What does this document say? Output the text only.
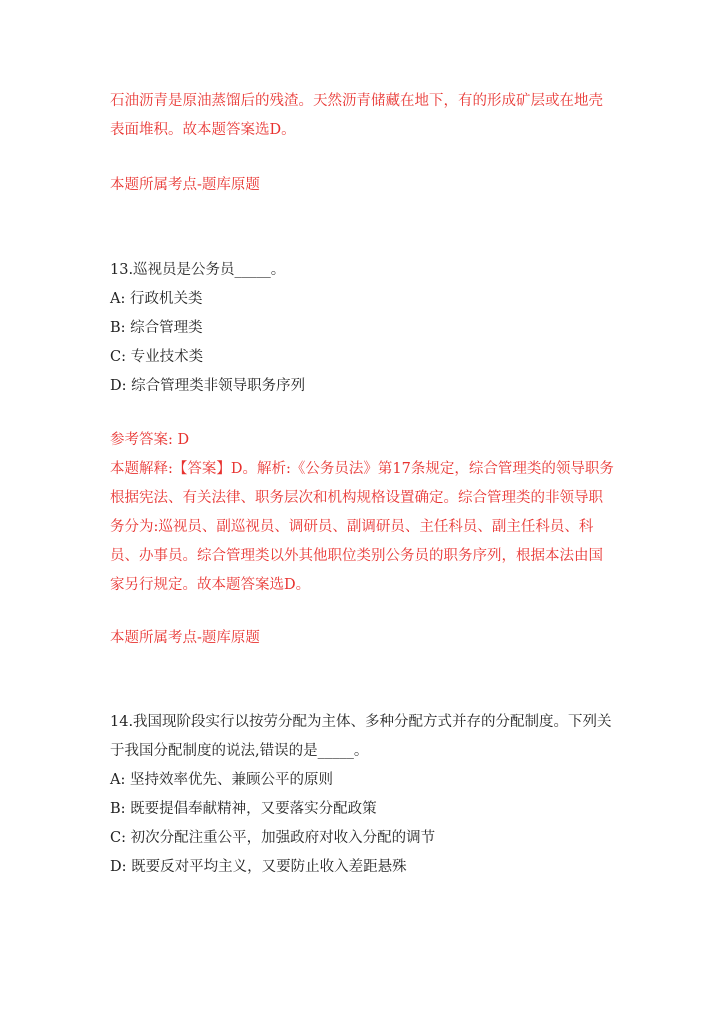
石油沥青是原油蒸馏后的残渣。天然沥青储藏在地下，有的形成矿层或在地壳表面堆积。故本题答案选D。
本题所属考点-题库原题
13.巡视员是公务员_____。
A: 行政机关类
B: 综合管理类
C: 专业技术类
D: 综合管理类非领导职务序列
参考答案: D
本题解释:【答案】D。解析:《公务员法》第17条规定，综合管理类的领导职务根据宪法、有关法律、职务层次和机构规格设置确定。综合管理类的非领导职务分为:巡视员、副巡视员、调研员、副调研员、主任科员、副主任科员、科员、办事员。综合管理类以外其他职位类别公务员的职务序列，根据本法由国家另行规定。故本题答案选D。
本题所属考点-题库原题
14.我国现阶段实行以按劳分配为主体、多种分配方式并存的分配制度。下列关于我国分配制度的说法,错误的是_____。
A: 坚持效率优先、兼顾公平的原则
B: 既要提倡奉献精神，又要落实分配政策
C: 初次分配注重公平，加强政府对收入分配的调节
D: 既要反对平均主义，又要防止收入差距悬殊
